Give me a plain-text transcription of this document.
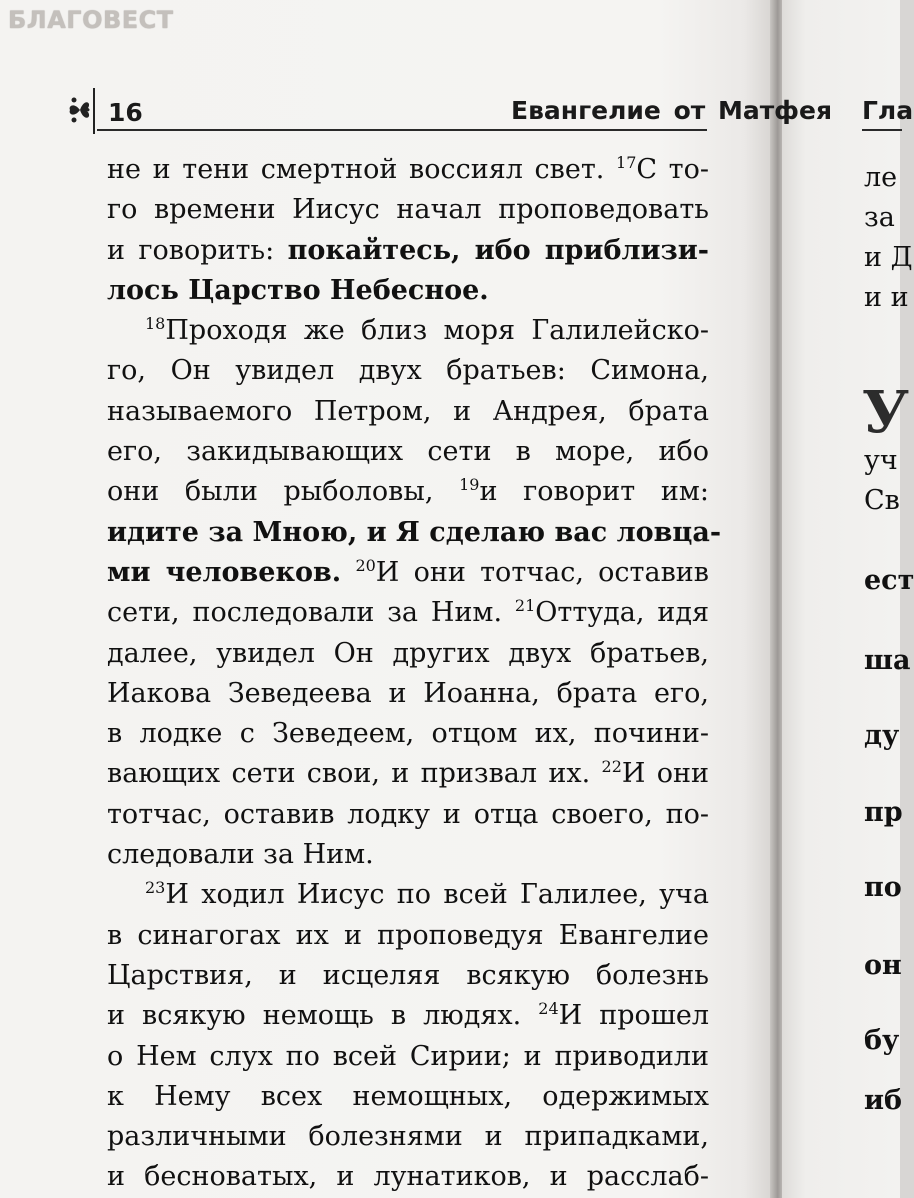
Гла
ле
за
и Д
и и
уч
Св
ест
ша
ду
пр
по
он
бу
иб
У
БЛАГОВЕСТ
16	Евангелие от Матфея
не и тени смертной воссиял свет. $^{17}$С то-
го времени Иисус начал проповедовать
и говорить: покайтесь, ибо приблизи-
лось Царство Небесное.
$^{18}$Проходя же близ моря Галилейско-
го, Он увидел двух братьев: Симона,
называемого Петром, и Андрея, брата
его, закидывающих сети в море, ибо
они были рыболовы, $^{19}$и говорит им:
идите за Мною, и Я сделаю вас ловца-
ми человеков. $^{20}$И они тотчас, оставив
сети, последовали за Ним. $^{21}$Оттуда, идя
далее, увидел Он других двух братьев,
Иакова Зеведеева и Иоанна, брата его,
в лодке с Зеведеем, отцом их, почини-
вающих сети свои, и призвал их. $^{22}$И они
тотчас, оставив лодку и отца своего, по-
следовали за Ним.
$^{23}$И ходил Иисус по всей Галилее, уча
в синагогах их и проповедуя Евангелие
Царствия, и исцеляя всякую болезнь
и всякую немощь в людях. $^{24}$И прошел
о Нем слух по всей Сирии; и приводили
к Нему всех немощных, одержимых
различными болезнями и припадками,
и бесноватых, и лунатиков, и расслаб-
